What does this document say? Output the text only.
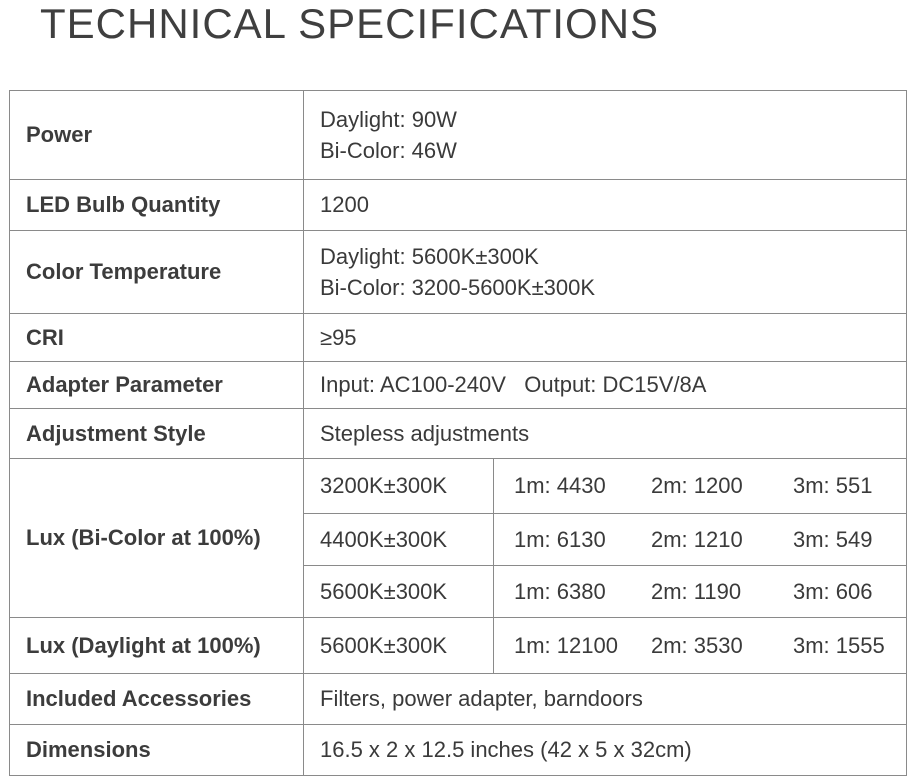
TECHNICAL SPECIFICATIONS
Power	Daylight: 90W
Bi-Color: 46W	

LED Bulb Quantity	1200	
Color Temperature	Daylight: 5600K±300K
Bi-Color: 3200-5600K±300K	

CRI	≥95	
Adapter Parameter	Input: AC100-240V   Output: DC15V/8A	
Adjustment Style	Stepless adjustments	
Lux (Bi-Color at 100%)	3200K±300K	1m: 4430 2m: 1200 3m: 551
	4400K±300K	1m: 6130 2m: 1210 3m: 549
	5600K±300K	1m: 6380 2m: 1190 3m: 606
Lux (Daylight at 100%)	5600K±300K	1m: 12100 2m: 3530 3m: 1555
Included Accessories	Filters, power adapter, barndoors	
Dimensions	16.5 x 2 x 12.5 inches (42 x 5 x 32cm)	
